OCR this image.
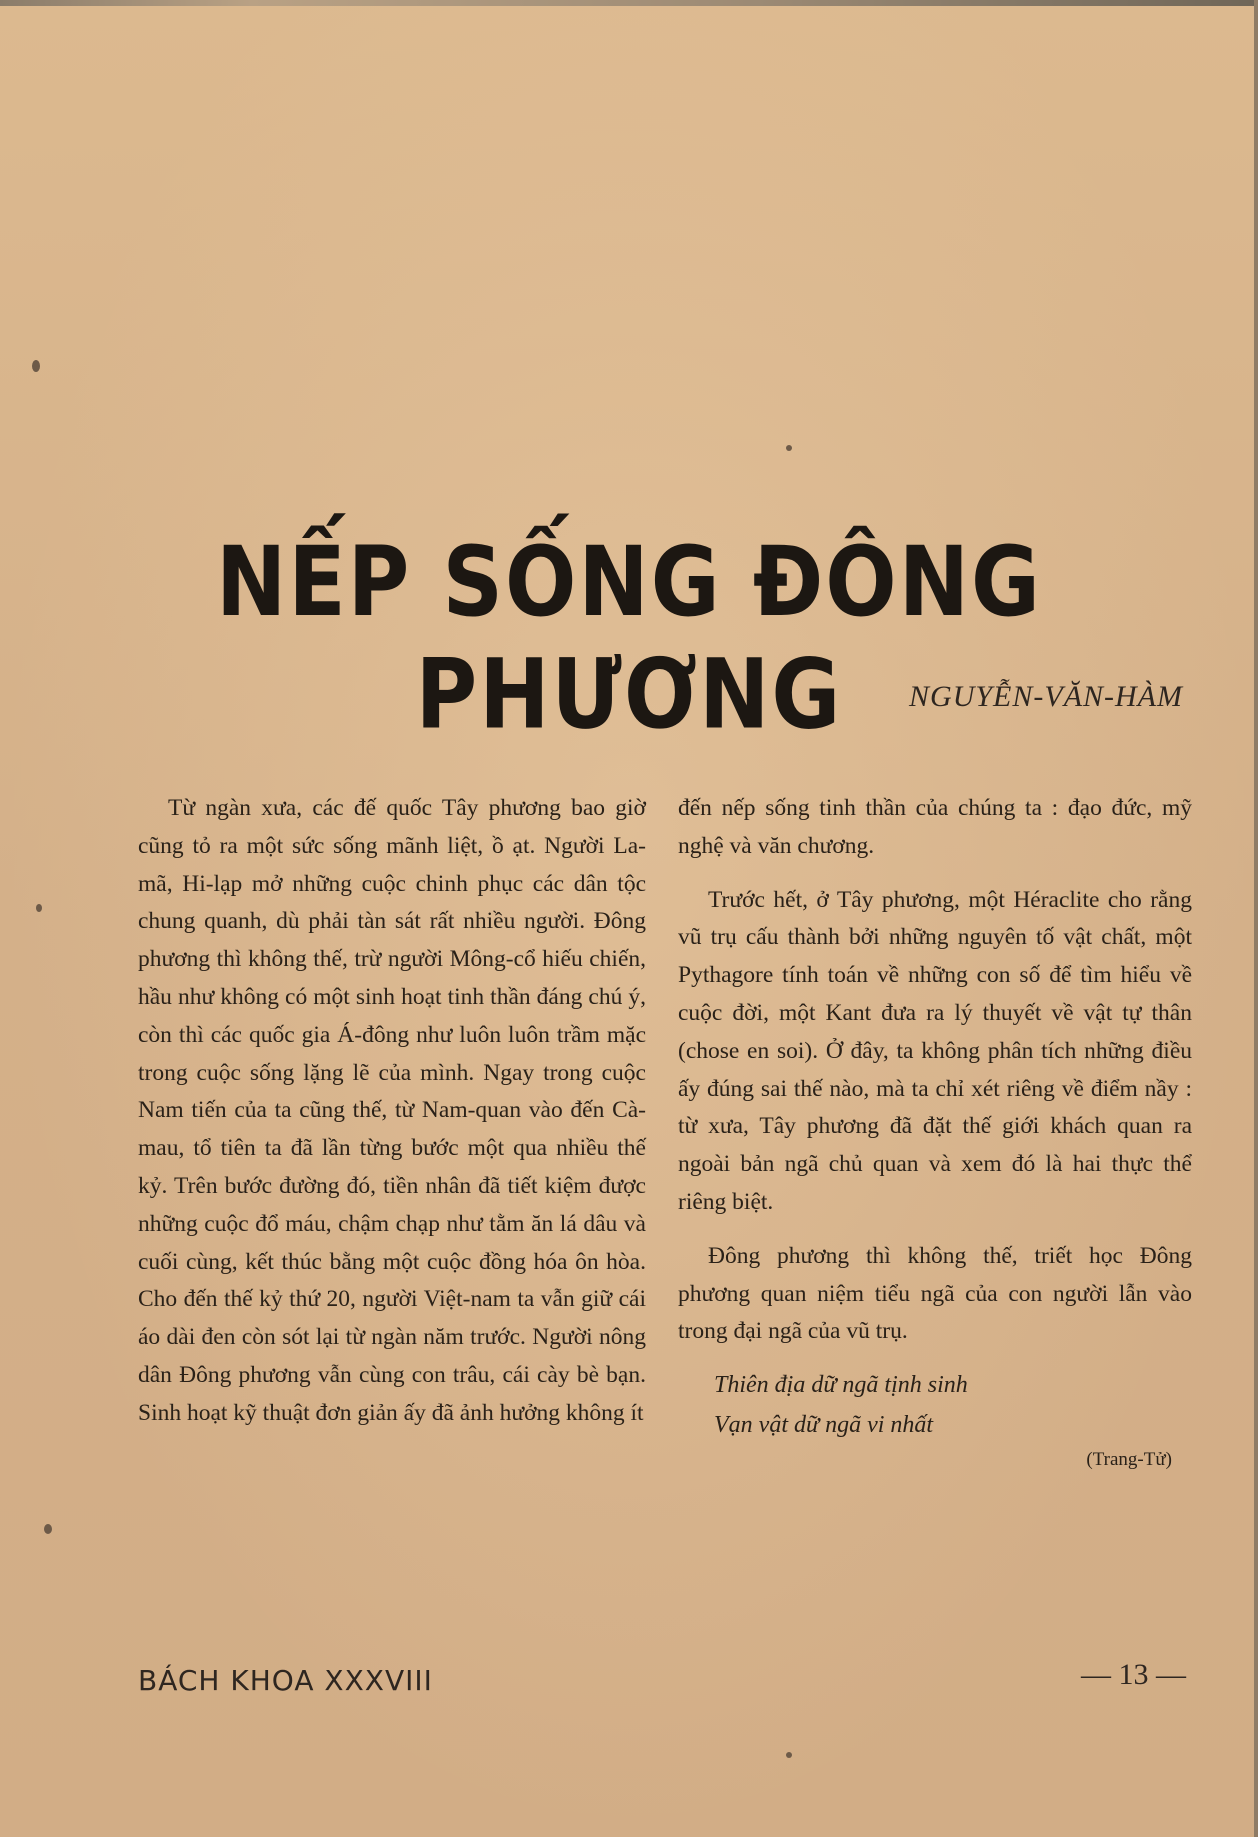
NẾP SỐNG ĐÔNG PHƯƠNG	NGUYỄN-VĂN-HÀM

Từ ngàn xưa, các đế quốc Tây phương bao giờ cũng tỏ ra một sức sống mãnh liệt, ồ ạt. Người La-mã, Hi-lạp mở những cuộc chinh phục các dân tộc chung quanh, dù phải tàn sát rất nhiều người. Đông phương thì không thế, trừ người Mông-cổ hiếu chiến, hầu như không có một sinh hoạt tinh thần đáng chú ý, còn thì các quốc gia Á-đông như luôn luôn trầm mặc trong cuộc sống lặng lẽ của mình. Ngay trong cuộc Nam tiến của ta cũng thế, từ Nam-quan vào đến Cà-mau, tổ tiên ta đã lần từng bước một qua nhiều thế kỷ. Trên bước đường đó, tiền nhân đã tiết kiệm được những cuộc đổ máu, chậm chạp như tằm ăn lá dâu và cuối cùng, kết thúc bằng một cuộc đồng hóa ôn hòa. Cho đến thế kỷ thứ 20, người Việt-nam ta vẫn giữ cái áo dài đen còn sót lại từ ngàn năm trước. Người nông dân Đông phương vẫn cùng con trâu, cái cày bè bạn. Sinh hoạt kỹ thuật đơn giản ấy đã ảnh hưởng không ít

đến nếp sống tinh thần của chúng ta : đạo đức, mỹ nghệ và văn chương.

Trước hết, ở Tây phương, một Héraclite cho rằng vũ trụ cấu thành bởi những nguyên tố vật chất, một Pythagore tính toán về những con số để tìm hiểu về cuộc đời, một Kant đưa ra lý thuyết về vật tự thân (chose en soi). Ở đây, ta không phân tích những điều ấy đúng sai thế nào, mà ta chỉ xét riêng về điểm nầy : từ xưa, Tây phương đã đặt thế giới khách quan ra ngoài bản ngã chủ quan và xem đó là hai thực thể riêng biệt.

Đông phương thì không thế, triết học Đông phương quan niệm tiểu ngã của con người lẫn vào trong đại ngã của vũ trụ.

Thiên địa dữ ngã tịnh sinh
Vạn vật dữ ngã vi nhất
(Trang-Tử)
BÁCH KHOA XXXVIII	— 13 —
